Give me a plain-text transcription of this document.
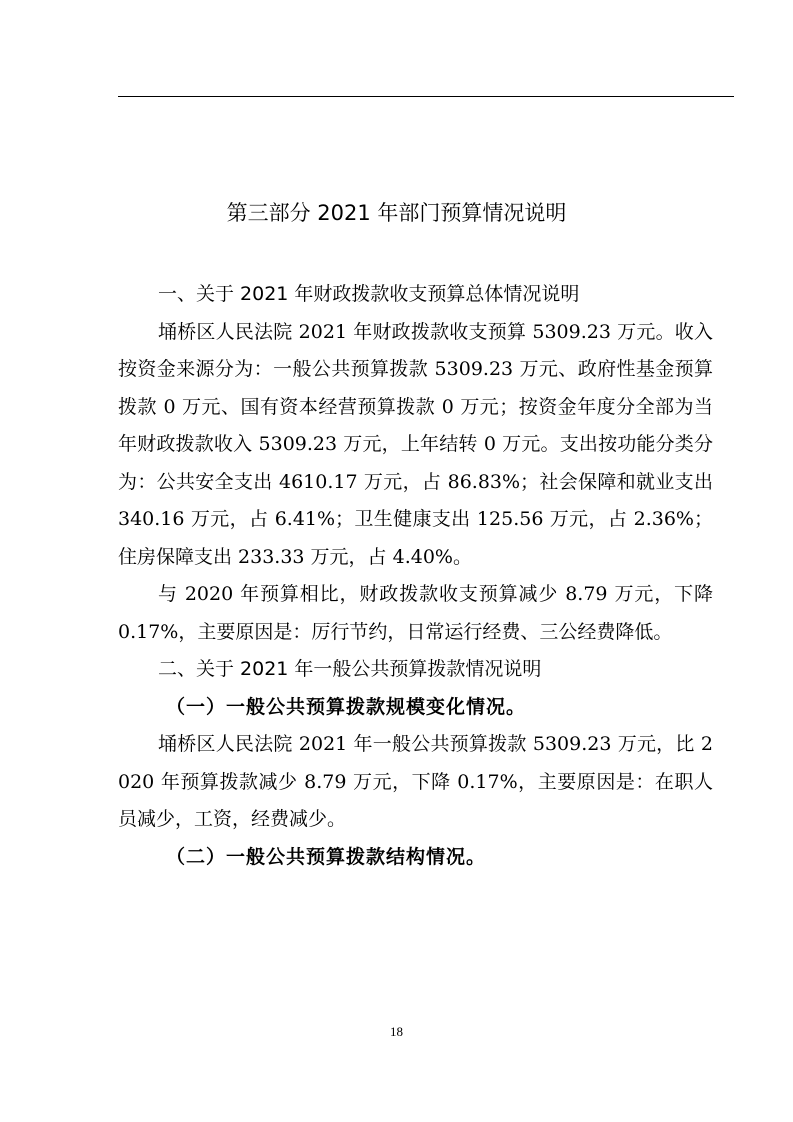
第三部分 2021 年部门预算情况说明
一、关于 2021 年财政拨款收支预算总体情况说明

埇桥区人民法院 2021 年财政拨款收支预算 5309.23 万元。收入按资金来源分为：一般公共预算拨款 5309.23 万元、政府性基金预算拨款 0 万元、国有资本经营预算拨款 0 万元；按资金年度分全部为当年财政拨款收入 5309.23 万元，上年结转 0 万元。支出按功能分类分为：公共安全支出 4610.17 万元，占 86.83%；社会保障和就业支出 340.16 万元，占 6.41%；卫生健康支出 125.56 万元，占 2.36%；住房保障支出 233.33 万元，占 4.40%。

与 2020 年预算相比，财政拨款收支预算减少 8.79 万元，下降 0.17%，主要原因是：厉行节约，日常运行经费、三公经费降低。

二、关于 2021 年一般公共预算拨款情况说明
（一）一般公共预算拨款规模变化情况。

埇桥区人民法院 2021 年一般公共预算拨款 5309.23 万元，比 2020 年预算拨款减少 8.79 万元，下降 0.17%，主要原因是：在职人员减少，工资，经费减少。

（二）一般公共预算拨款结构情况。
18
